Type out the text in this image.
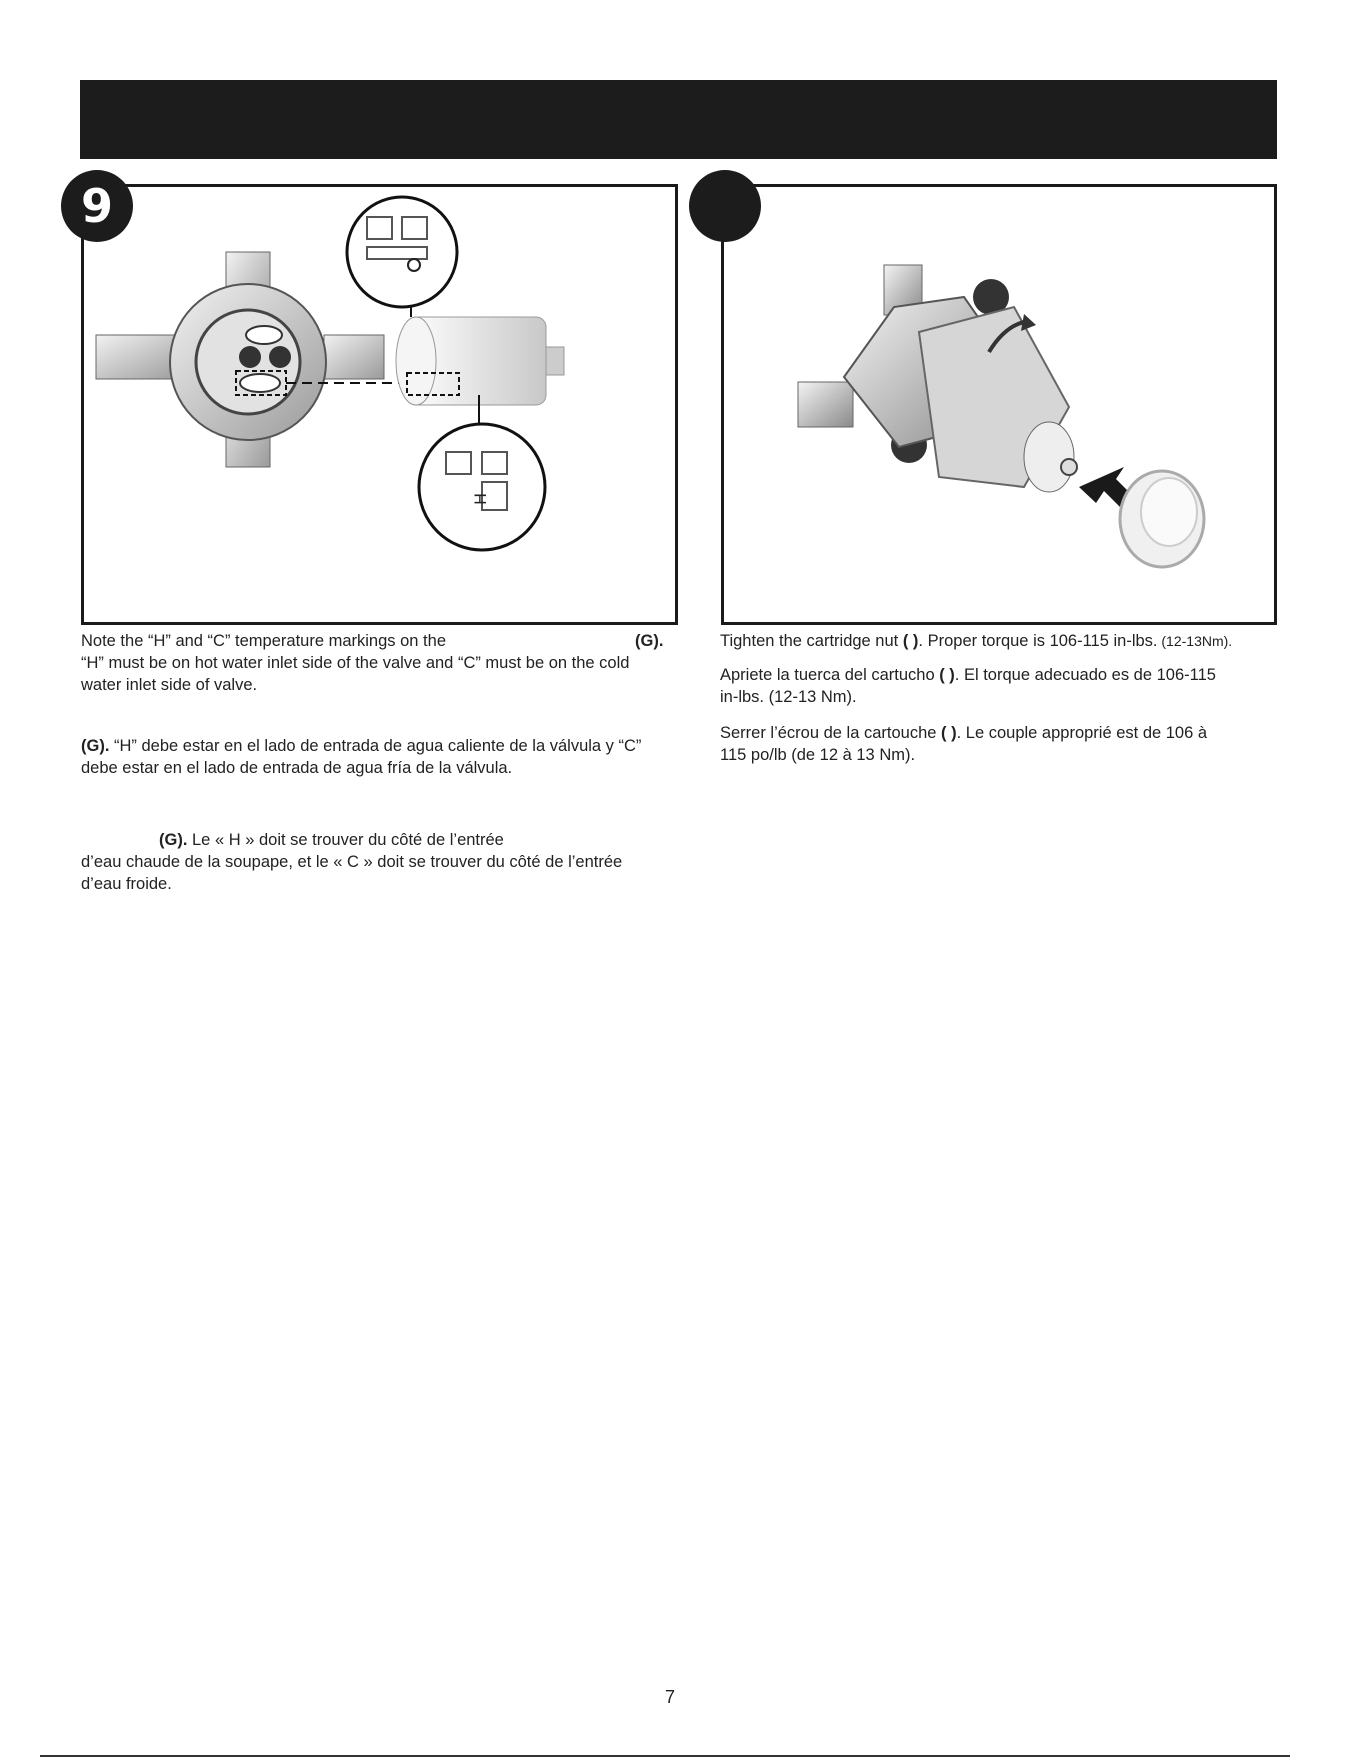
H
9

Note the “H” and “C” temperature markings on the	(G).

“H” must be on hot water inlet side of the valve and “C” must be on the cold

water inlet side of valve.

(G). “H” debe estar en el lado de entrada de agua caliente de la válvula y “C”

debe estar en el lado de entrada de agua fría de la válvula.

(G). Le « H » doit se trouver du côté de l’entrée

d’eau chaude de la soupape, et le « C » doit se trouver du côté de l’entrée

d’eau froide.

Tighten the cartridge nut ( ). Proper torque is 106-115 in-lbs. (12-13Nm).

Apriete la tuerca del cartucho ( ). El torque adecuado es de 106-115

in-lbs. (12-13 Nm).

Serrer l’écrou de la cartouche ( ). Le couple approprié est de 106 à

115 po/lb (de 12 à 13 Nm).

7
